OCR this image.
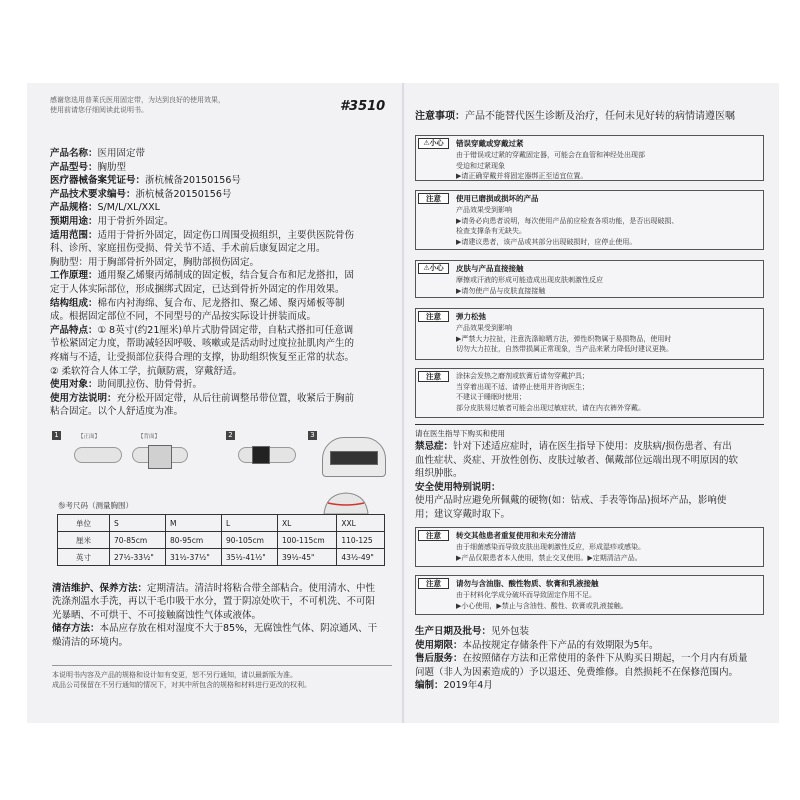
感谢您选用普莱氏医用固定带，为达到良好的使用效果，
使用前请您仔细阅读此说明书。	#3510

产品名称：医用固定带

产品型号：胸肋型

医疗器械备案凭证号：浙杭械备20150156号

产品技术要求编号：浙杭械备20150156号

产品规格：S/M/L/XL/XXL

预期用途：用于骨折外固定。

适用范围：适用于骨折外固定，固定伤口周围受损组织，主要供医院骨伤

科、诊所、家庭扭伤受损、骨关节不适、手术前后康复固定之用。

胸肋型：用于胸部骨折外固定，胸肋部损伤固定。

工作原理：通用聚乙烯聚丙烯制成的固定板，结合复合布和尼龙搭扣，固

定于人体实际部位，形成捆绑式固定，已达到骨折外固定的作用效果。

结构组成：棉布内衬海绵、复合布、尼龙搭扣、聚乙烯、聚丙烯板等制

成。根据固定部位不同，不同型号的产品按实际设计拼装而成。

产品特点：① 8英寸(约21厘米)单片式肋骨固定带，自粘式搭扣可任意调

节松紧固定力度，帮助减轻因呼吸、咳嗽或是活动时过度拉扯肌肉产生的

疼痛与不适，让受损部位获得合理的支撑，协助组织恢复至正常的状态。

② 柔软符合人体工学，抗颠防震，穿戴舒适。

使用对象：助间肌拉伤、肋骨骨折。

使用方法说明：充分松开固定带，从后往前调整吊带位置，收紧后于胸前

粘合固定。以个人舒适度为准。

1	【正面】	【背面】	2	3
参考尺码（测量胸围）
单位	S	M	L	XL	XXL
厘米	70-85cm	80-95cm	90-105cm	100-115cm	110-125
英寸	27½-33½"	31½-37½"	35½-41½"	39½-45"	43½-49"

清洁维护、保养方法：定期清洁。清洁时将粘合带全部粘合。使用清水、中性

洗涤剂温水手洗，再以干毛巾吸干水分，置于阴凉处吹干，不可机洗、不可阳

光暴晒、不可烘干、不可接触腐蚀性气体或液体。

储存方法：本品应存放在相对湿度不大于85%，无腐蚀性气体、阴凉通风、干

燥清洁的环境内。

本说明书内容及产品的规格和设计如有变更，恕不另行通知，请以最新版为准。
成品公司保留在不另行通知的情况下，对其中所包含的规格和材料进行更改的权利。
注意事项：产品不能替代医生诊断及治疗，任何未见好转的病情请遵医嘱
⚠小心	错误穿戴或穿戴过紧
由于错误或过紧的穿戴固定器，可能会在血管和神经处出现部
受迫和过紧现象
▶请正确穿戴并将固定器绑正至适宜位置。
注意	使用已磨损或损坏的产品
产品效果受到影响
▶请务必向患者说明，每次使用产品前应检查各项功能，是否出现破损、
检查支撑条有无缺失。
▶请建议患者，该产品或其部分出现破损时，应停止使用。
⚠小心	皮肤与产品直接接触
摩擦或汗液的形成可能造成出现皮肤刺激性反应
▶请勿使产品与皮肤直接接触
注意	弹力松弛
产品效果受到影响
▶严禁大力拉扯，注意洗涤晾晒方法，弹性织物属于易损物品，使用时
切勿大力拉扯，自然带损属正常现象，当产品来紧力降低时建议更换。
注意	涂抹会发热之磨剂或软膏后请勿穿戴护具；
当穿着出现不适、请停止使用并咨询医生；
不建议于睡眠时使用；
部分皮肤易过敏者可能会出现过敏症状，请在内衣裤外穿戴。
请在医生指导下购买和使用

禁忌症：针对下述适应症时，请在医生指导下使用：皮肤病/损伤患者、有出

血性症状、炎症、开放性创伤、皮肤过敏者、佩戴部位远端出现不明原因的软

组织肿胀。

安全使用特别说明：

使用产品时应避免所佩戴的硬物(如：钻戒、手表等饰品)损坏产品，影响使

用；建议穿戴时取下。

注意	转交其他患者重复使用和未充分清洁
由于细菌感染而导致皮肤出现刺激性反应，形成湿疹或感染。
▶产品仅限患者本人使用，禁止交叉使用。▶定期清洁产品。
注意	请勿与含油脂、酸性物质、软膏和乳液接触
由于材料化学成分破坏而导致固定作用不足。
▶小心使用，▶禁止与含油性、酸性、软膏或乳液接触。

生产日期及批号：见外包装

使用期限：本品按规定存储条件下产品的有效期限为5年。

售后服务：在按照储存方法和正常使用的条件下从购买日期起，一个月内有质量

问题（非人为因素造成的）予以退还、免费维修。自然损耗不在保修范围内。

编制：2019年4月
